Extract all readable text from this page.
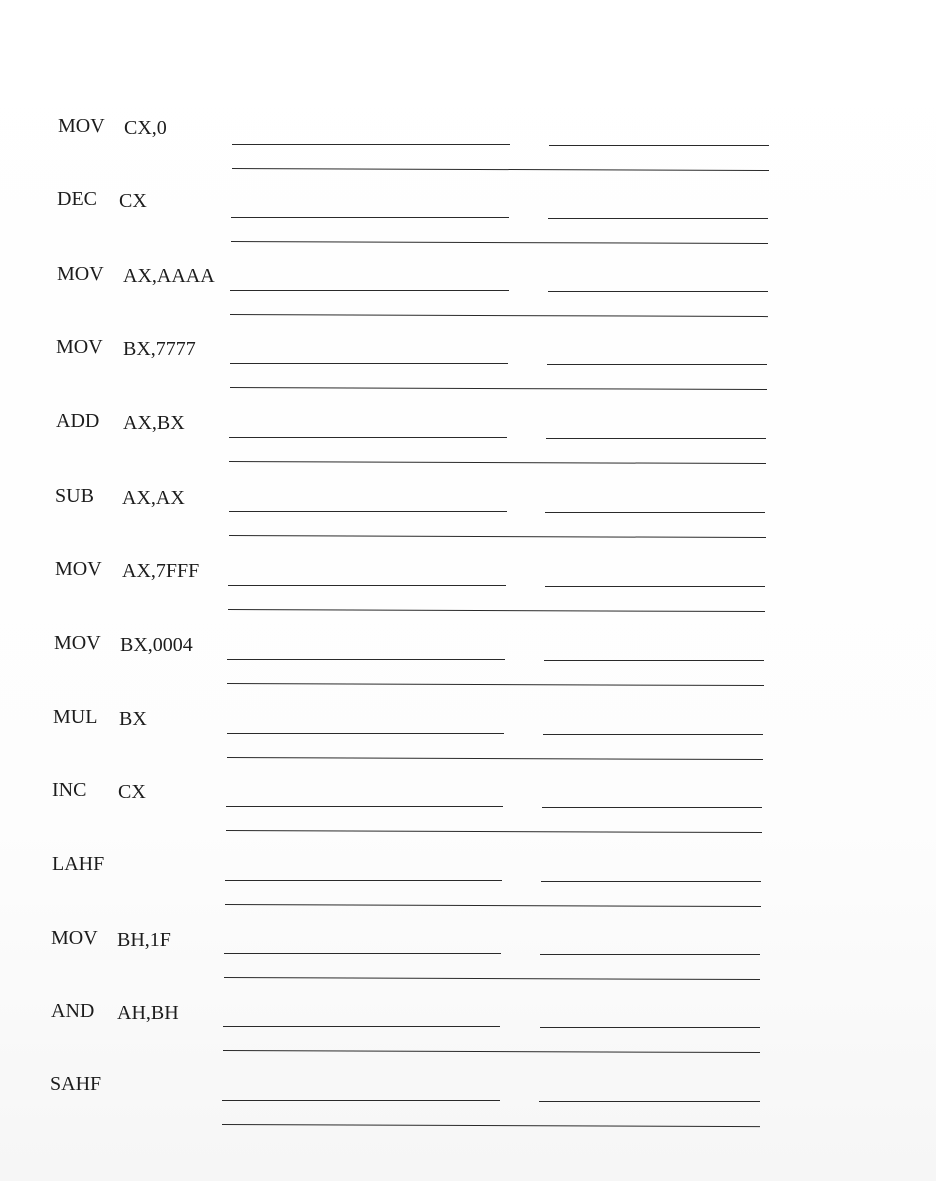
MOV CX,0
DEC CX
MOV AX,AAAA
MOV BX,7777
ADD AX,BX
SUB AX,AX
MOV AX,7FFF
MOV BX,0004
MUL BX
INC CX
LAHF
MOV BH,1F
AND AH,BH
SAHF
